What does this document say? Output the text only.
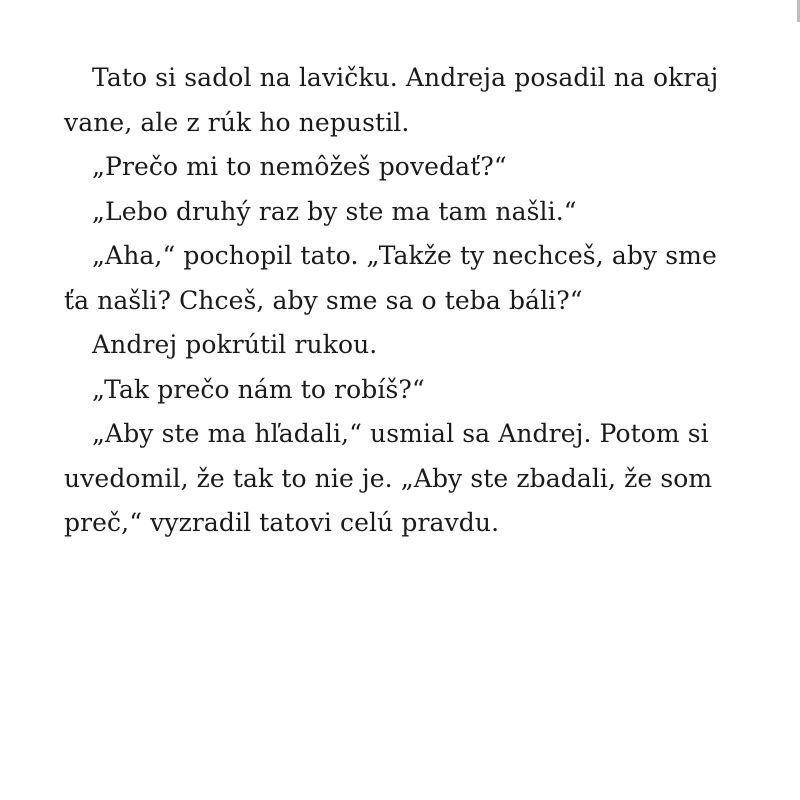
Tato si sadol na lavičku. Andreja posadil na okraj vane, ale z rúk ho nepustil.

„Prečo mi to nemôžeš povedať?“

„Lebo druhý raz by ste ma tam našli.“

„Aha,“ pochopil tato. „Takže ty nechceš, aby sme ťa našli? Chceš, aby sme sa o teba báli?“

Andrej pokrútil rukou.

„Tak prečo nám to robíš?“

„Aby ste ma hľadali,“ usmial sa Andrej. Potom si uvedomil, že tak to nie je. „Aby ste zbadali, že som preč,“ vyzradil tatovi celú pravdu.
